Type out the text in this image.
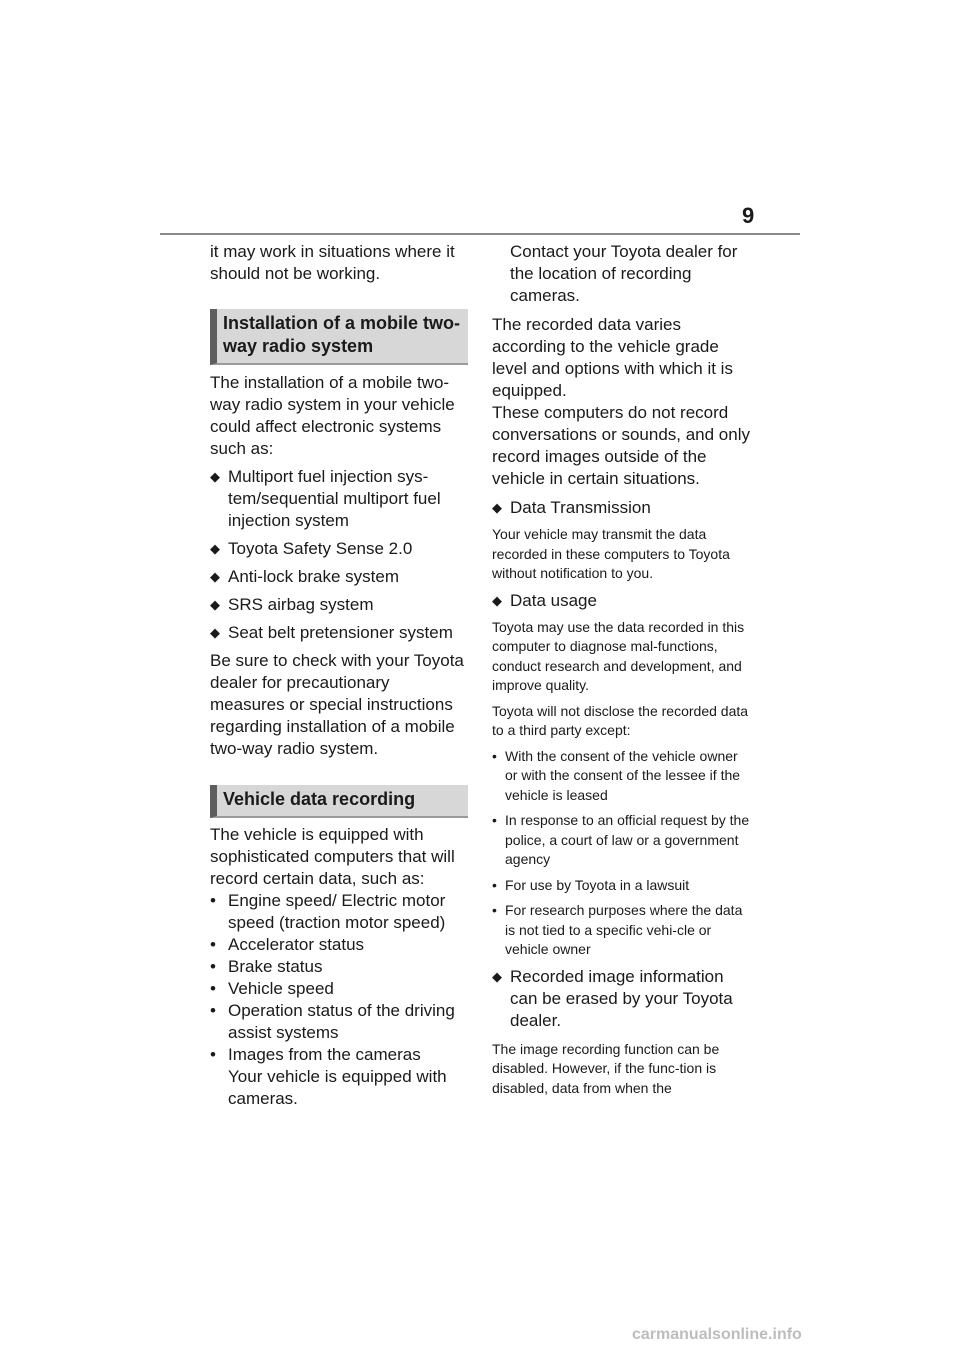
9

it may work in situations where it should not be working.

Installation of a mobile two-way radio system

The installation of a mobile two-way radio system in your vehicle could affect electronic systems such as:

◆ Multiport fuel injection sys-tem/sequential multiport fuel injection system
◆ Toyota Safety Sense 2.0
◆ Anti-lock brake system
◆ SRS airbag system
◆ Seat belt pretensioner system

Be sure to check with your Toyota dealer for precautionary measures or special instructions regarding installation of a mobile two-way radio system.

Vehicle data recording

The vehicle is equipped with sophisticated computers that will record certain data, such as:

• Engine speed/ Electric motor speed (traction motor speed)
• Accelerator status
• Brake status
• Vehicle speed
• Operation status of the driving assist systems
• Images from the cameras
Your vehicle is equipped with cameras.

Contact your Toyota dealer for the location of recording cameras.

The recorded data varies according to the vehicle grade level and options with which it is equipped.

These computers do not record conversations or sounds, and only record images outside of the vehicle in certain situations.

◆ Data Transmission

Your vehicle may transmit the data recorded in these computers to Toyota without notification to you.

◆ Data usage

Toyota may use the data recorded in this computer to diagnose mal-functions, conduct research and development, and improve quality.

Toyota will not disclose the recorded data to a third party except:

• With the consent of the vehicle owner or with the consent of the lessee if the vehicle is leased
• In response to an official request by the police, a court of law or a government agency
• For use by Toyota in a lawsuit
• For research purposes where the data is not tied to a specific vehi-cle or vehicle owner
◆ Recorded image information can be erased by your Toyota dealer.

The image recording function can be disabled. However, if the func-tion is disabled, data from when the

carmanualsonline.info
